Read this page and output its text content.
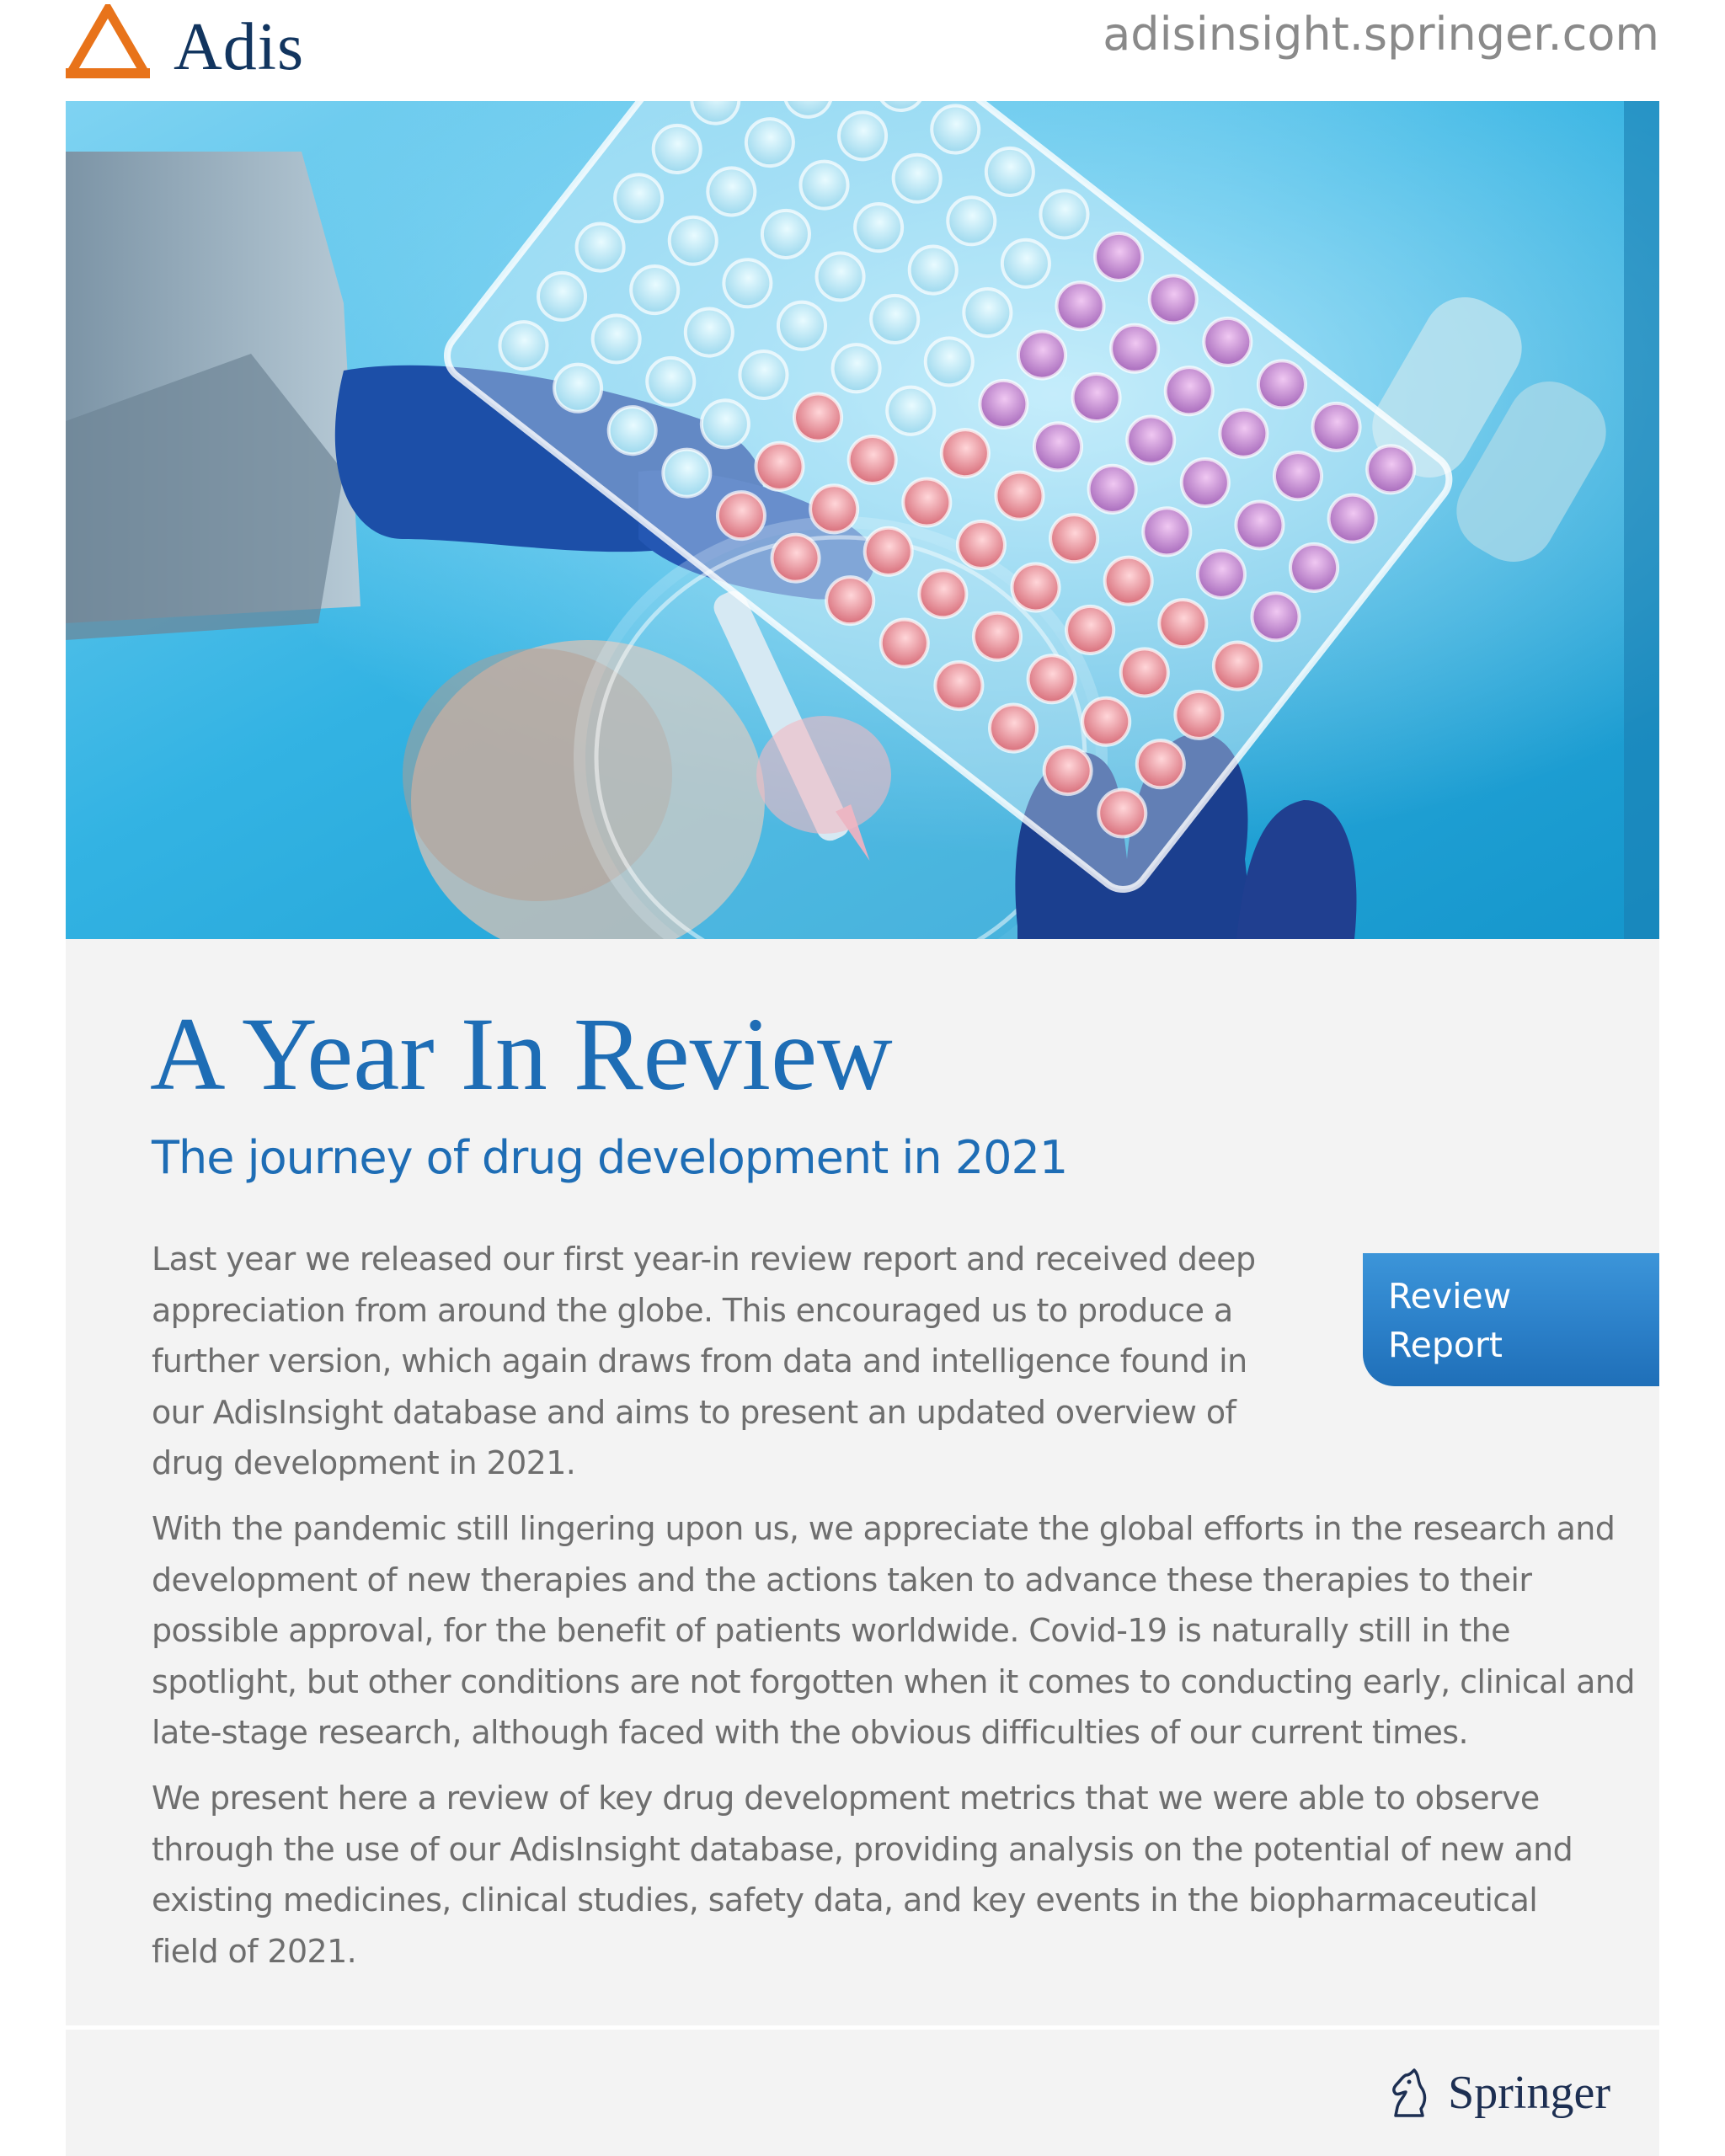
Adis	adisinsight.springer.com
A Year In Review
The journey of drug development in 2021

Last year we released our first year-in review report and received deep appreciation from around the globe. This encouraged us to produce a further version, which again draws from data and intelligence found in our AdisInsight database and aims to present an updated overview of drug development in 2021.

With the pandemic still lingering upon us, we appreciate the global efforts in the research and development of new therapies and the actions taken to advance these therapies to their possible approval, for the benefit of patients worldwide. Covid-19 is naturally still in the spotlight, but other conditions are not forgotten when it comes to conducting early, clinical and late-stage research, although faced with the obvious difficulties of our current times.

We present here a review of key drug development metrics that we were able to observe through the use of our AdisInsight database, providing analysis on the potential of new and existing medicines, clinical studies, safety data, and key events in the biopharmaceutical field of 2021.

Review
Report
Springer
